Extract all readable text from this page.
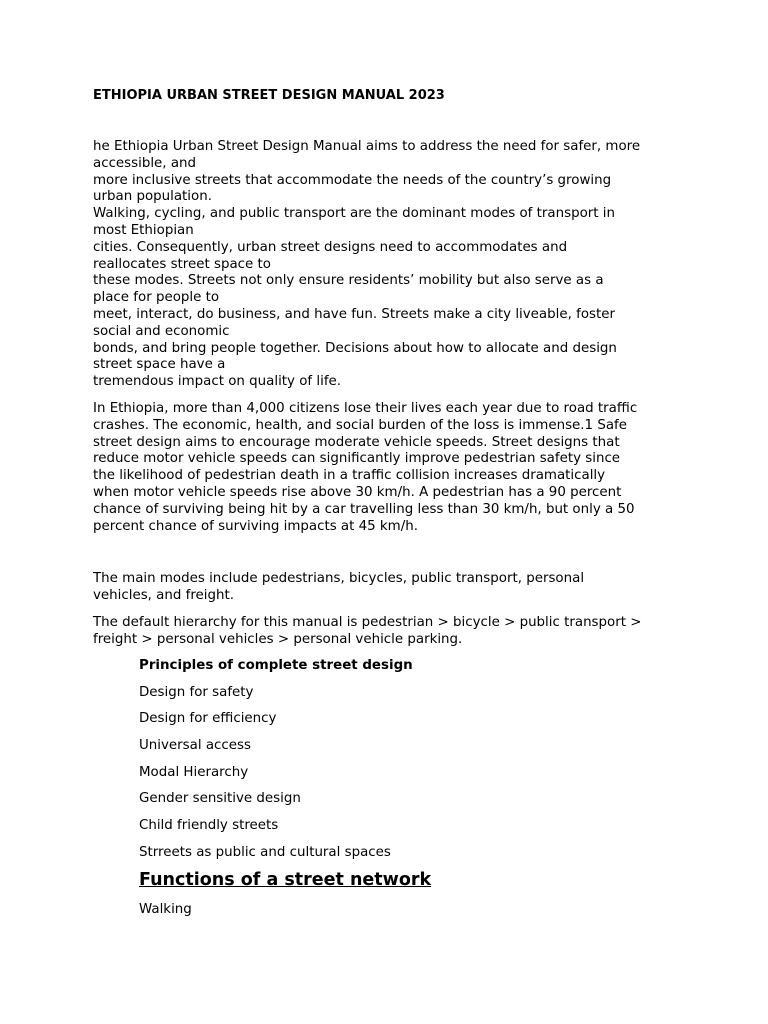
ETHIOPIA URBAN STREET DESIGN MANUAL 2023
he Ethiopia Urban Street Design Manual aims to address the need for safer, more
accessible, and
more inclusive streets that accommodate the needs of the country’s growing
urban population.
Walking, cycling, and public transport are the dominant modes of transport in
most Ethiopian
cities. Consequently, urban street designs need to accommodates and
reallocates street space to
these modes. Streets not only ensure residents’ mobility but also serve as a
place for people to
meet, interact, do business, and have fun. Streets make a city liveable, foster
social and economic
bonds, and bring people together. Decisions about how to allocate and design
street space have a
tremendous impact on quality of life.
In Ethiopia, more than 4,000 citizens lose their lives each year due to road traffic
crashes. The economic, health, and social burden of the loss is immense.1 Safe
street design aims to encourage moderate vehicle speeds. Street designs that
reduce motor vehicle speeds can significantly improve pedestrian safety since
the likelihood of pedestrian death in a traffic collision increases dramatically
when motor vehicle speeds rise above 30 km/h. A pedestrian has a 90 percent
chance of surviving being hit by a car travelling less than 30 km/h, but only a 50
percent chance of surviving impacts at 45 km/h.
The main modes include pedestrians, bicycles, public transport, personal
vehicles, and freight.
The default hierarchy for this manual is pedestrian > bicycle > public transport >
freight > personal vehicles > personal vehicle parking.
Principles of complete street design
Design for safety
Design for efficiency
Universal access
Modal Hierarchy
Gender sensitive design
Child friendly streets
Strreets as public and cultural spaces
Functions of a street network
Walking
